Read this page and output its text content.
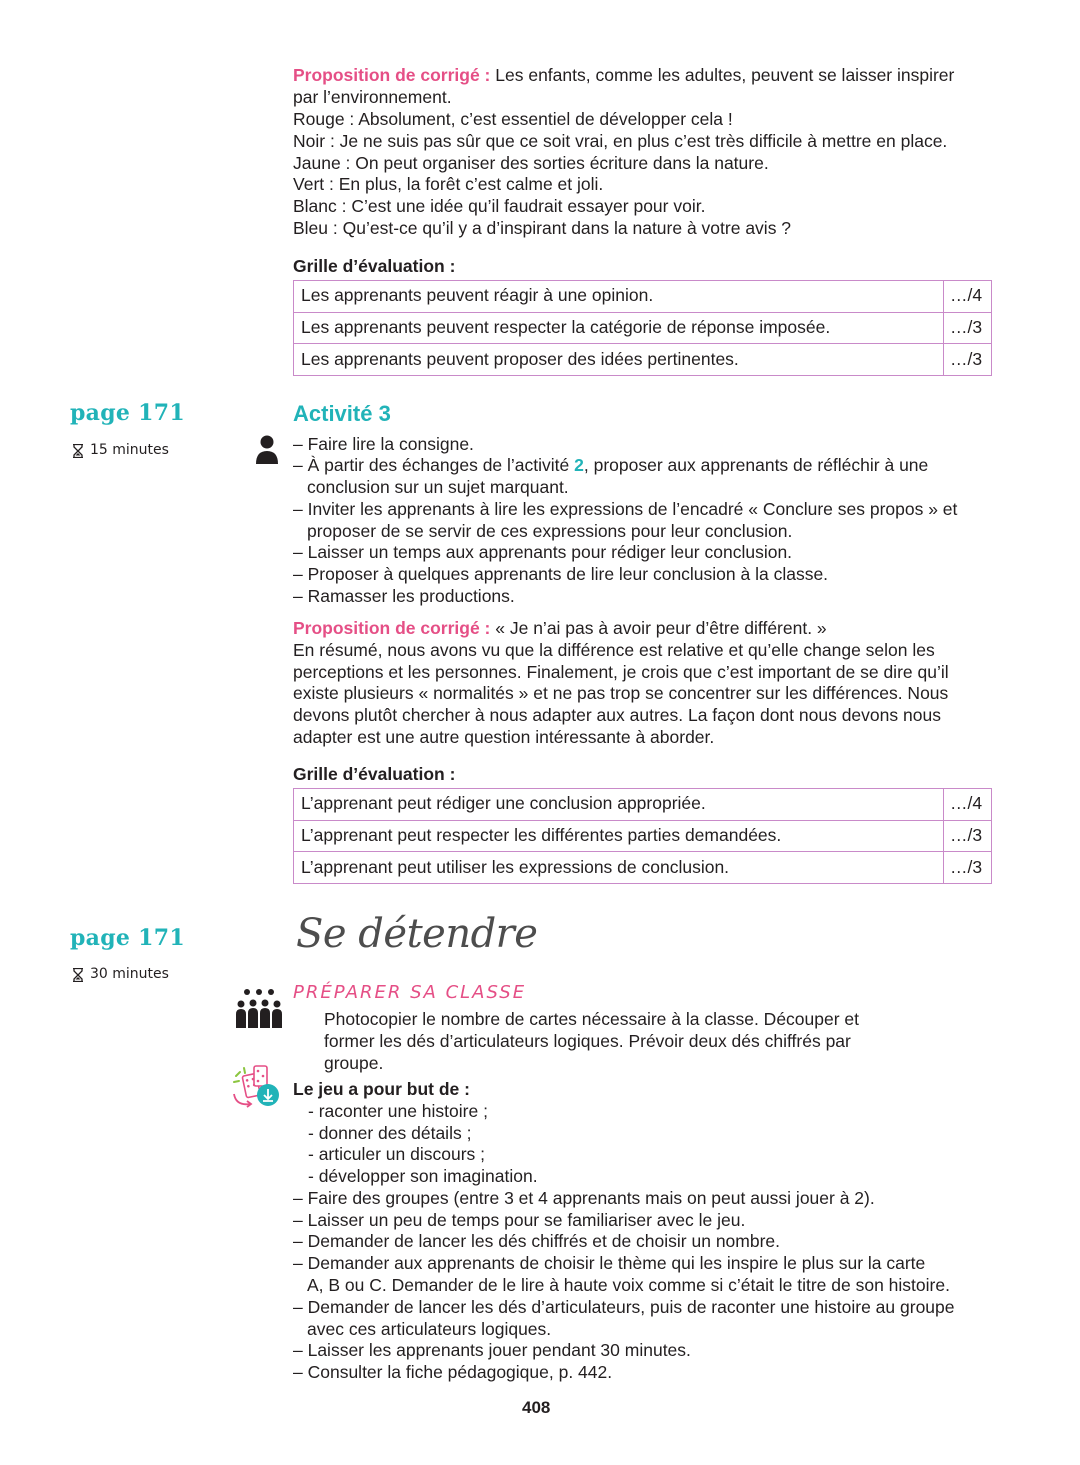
Proposition de corrigé : Les enfants, comme les adultes, peuvent se laisser inspirer
par l’environnement.
Rouge : Absolument, c’est essentiel de développer cela !
Noir : Je ne suis pas sûr que ce soit vrai, en plus c’est très difficile à mettre en place.
Jaune : On peut organiser des sorties écriture dans la nature.
Vert : En plus, la forêt c’est calme et joli.
Blanc : C’est une idée qu’il faudrait essayer pour voir.
Bleu : Qu’est-ce qu’il y a d’inspirant dans la nature à votre avis ?
Grille d’évaluation :
Les apprenants peuvent réagir à une opinion.	…/4
Les apprenants peuvent respecter la catégorie de réponse imposée.	…/3
Les apprenants peuvent proposer des idées pertinentes.	…/3
page 171
15 minutes
Activité 3
– Faire lire la consigne.
– À partir des échanges de l’activité 2, proposer aux apprenants de réfléchir à une
conclusion sur un sujet marquant.
– Inviter les apprenants à lire les expressions de l’encadré « Conclure ses propos » et
proposer de se servir de ces expressions pour leur conclusion.
– Laisser un temps aux apprenants pour rédiger leur conclusion.
– Proposer à quelques apprenants de lire leur conclusion à la classe.
– Ramasser les productions.
Proposition de corrigé : « Je n’ai pas à avoir peur d’être différent. »
En résumé, nous avons vu que la différence est relative et qu’elle change selon les
perceptions et les personnes. Finalement, je crois que c’est important de se dire qu’il
existe plusieurs « normalités » et ne pas trop se concentrer sur les différences. Nous
devons plutôt chercher à nous adapter aux autres. La façon dont nous devons nous
adapter est une autre question intéressante à aborder.
Grille d’évaluation :
L’apprenant peut rédiger une conclusion appropriée.	…/4
L’apprenant peut respecter les différentes parties demandées.	…/3
L’apprenant peut utiliser les expressions de conclusion.	…/3
page 171
30 minutes
Se détendre
PRÉPARER SA CLASSE
Photocopier le nombre de cartes nécessaire à la classe. Découper et
former les dés d’articulateurs logiques. Prévoir deux dés chiffrés par
groupe.
Le jeu a pour but de :
- raconter une histoire ;
- donner des détails ;
- articuler un discours ;
- développer son imagination.
– Faire des groupes (entre 3 et 4 apprenants mais on peut aussi jouer à 2).
– Laisser un peu de temps pour se familiariser avec le jeu.
– Demander de lancer les dés chiffrés et de choisir un nombre.
– Demander aux apprenants de choisir le thème qui les inspire le plus sur la carte
A, B ou C. Demander de le lire à haute voix comme si c’était le titre de son histoire.
– Demander de lancer les dés d’articulateurs, puis de raconter une histoire au groupe
avec ces articulateurs logiques.
– Laisser les apprenants jouer pendant 30 minutes.
– Consulter la fiche pédagogique, p. 442.
408
